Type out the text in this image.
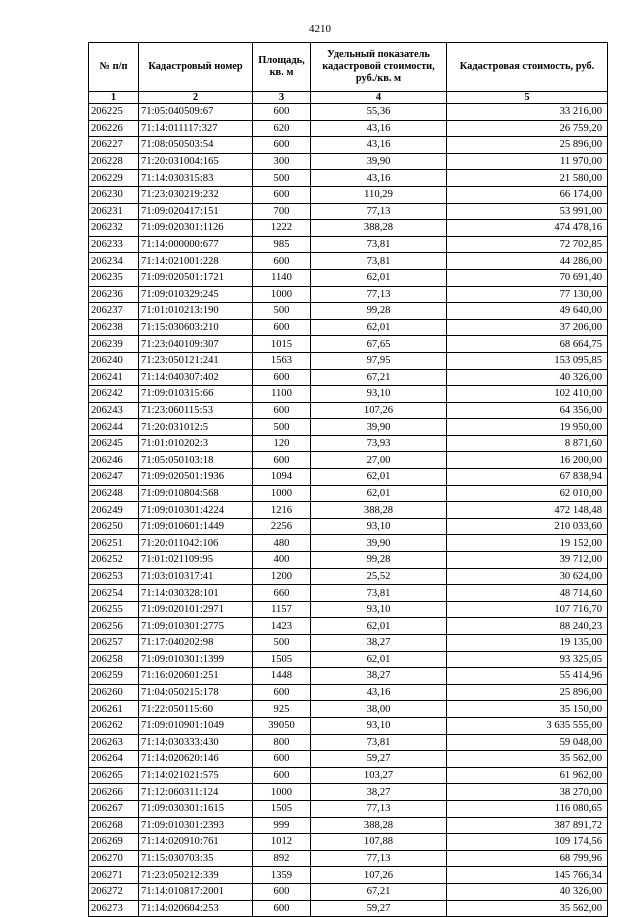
4210
№ п/п	Кадастровый номер	Площадь, кв. м	Удельный показатель кадастровой стоимости, руб./кв. м	Кадастровая стоимость, руб.
1	2	3	4	5
206225	71:05:040509:67	600	55,36	33 216,00
206226	71:14:011117:327	620	43,16	26 759,20
206227	71:08:050503:54	600	43,16	25 896,00
206228	71:20:031004:165	300	39,90	11 970,00
206229	71:14:030315:83	500	43,16	21 580,00
206230	71:23:030219:232	600	110,29	66 174,00
206231	71:09:020417:151	700	77,13	53 991,00
206232	71:09:020301:1126	1222	388,28	474 478,16
206233	71:14:000000:677	985	73,81	72 702,85
206234	71:14:021001:228	600	73,81	44 286,00
206235	71:09:020501:1721	1140	62,01	70 691,40
206236	71:09:010329:245	1000	77,13	77 130,00
206237	71:01:010213:190	500	99,28	49 640,00
206238	71:15:030603:210	600	62,01	37 206,00
206239	71:23:040109:307	1015	67,65	68 664,75
206240	71:23:050121:241	1563	97,95	153 095,85
206241	71:14:040307:402	600	67,21	40 326,00
206242	71:09:010315:66	1100	93,10	102 410,00
206243	71:23:060115:53	600	107,26	64 356,00
206244	71:20:031012:5	500	39,90	19 950,00
206245	71:01:010202:3	120	73,93	8 871,60
206246	71:05:050103:18	600	27,00	16 200,00
206247	71:09:020501:1936	1094	62,01	67 838,94
206248	71:09:010804:568	1000	62,01	62 010,00
206249	71:09:010301:4224	1216	388,28	472 148,48
206250	71:09:010601:1449	2256	93,10	210 033,60
206251	71:20:011042:106	480	39,90	19 152,00
206252	71:01:021109:95	400	99,28	39 712,00
206253	71:03:010317:41	1200	25,52	30 624,00
206254	71:14:030328:101	660	73,81	48 714,60
206255	71:09:020101:2971	1157	93,10	107 716,70
206256	71:09:010301:2775	1423	62,01	88 240,23
206257	71:17:040202:98	500	38,27	19 135,00
206258	71:09:010301:1399	1505	62,01	93 325,05
206259	71:16:020601:251	1448	38,27	55 414,96
206260	71:04:050215:178	600	43,16	25 896,00
206261	71:22:050115:60	925	38,00	35 150,00
206262	71:09:010901:1049	39050	93,10	3 635 555,00
206263	71:14:030333:430	800	73,81	59 048,00
206264	71:14:020620:146	600	59,27	35 562,00
206265	71:14:021021:575	600	103,27	61 962,00
206266	71:12:060311:124	1000	38,27	38 270,00
206267	71:09:030301:1615	1505	77,13	116 080,65
206268	71:09:010301:2393	999	388,28	387 891,72
206269	71:14:020910:761	1012	107,88	109 174,56
206270	71:15:030703:35	892	77,13	68 799,96
206271	71:23:050212:339	1359	107,26	145 766,34
206272	71:14:010817:2001	600	67,21	40 326,00
206273	71:14:020604:253	600	59,27	35 562,00
